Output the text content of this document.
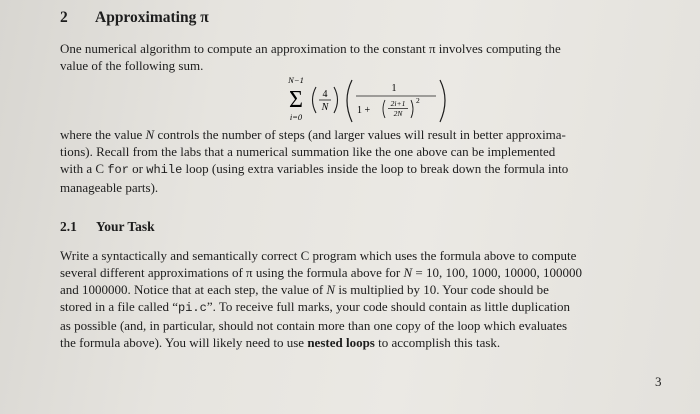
2 Approximating π
One numerical algorithm to compute an approximation to the constant π involves computing the
value of the following sum.
N−1
Σ
i=0
4
N
1
1 +
2i+1
2N
2
where the value N controls the number of steps (and larger values will result in better approxima-
tions). Recall from the labs that a numerical summation like the one above can be implemented
with a C for or while loop (using extra variables inside the loop to break down the formula into
manageable parts).
2.1 Your Task
Write a syntactically and semantically correct C program which uses the formula above to compute
several different approximations of π using the formula above for N = 10, 100, 1000, 10000, 100000
and 1000000. Notice that at each step, the value of N is multiplied by 10. Your code should be
stored in a file called “pi.c”. To receive full marks, your code should contain as little duplication
as possible (and, in particular, should not contain more than one copy of the loop which evaluates
the formula above). You will likely need to use nested loops to accomplish this task.
3
